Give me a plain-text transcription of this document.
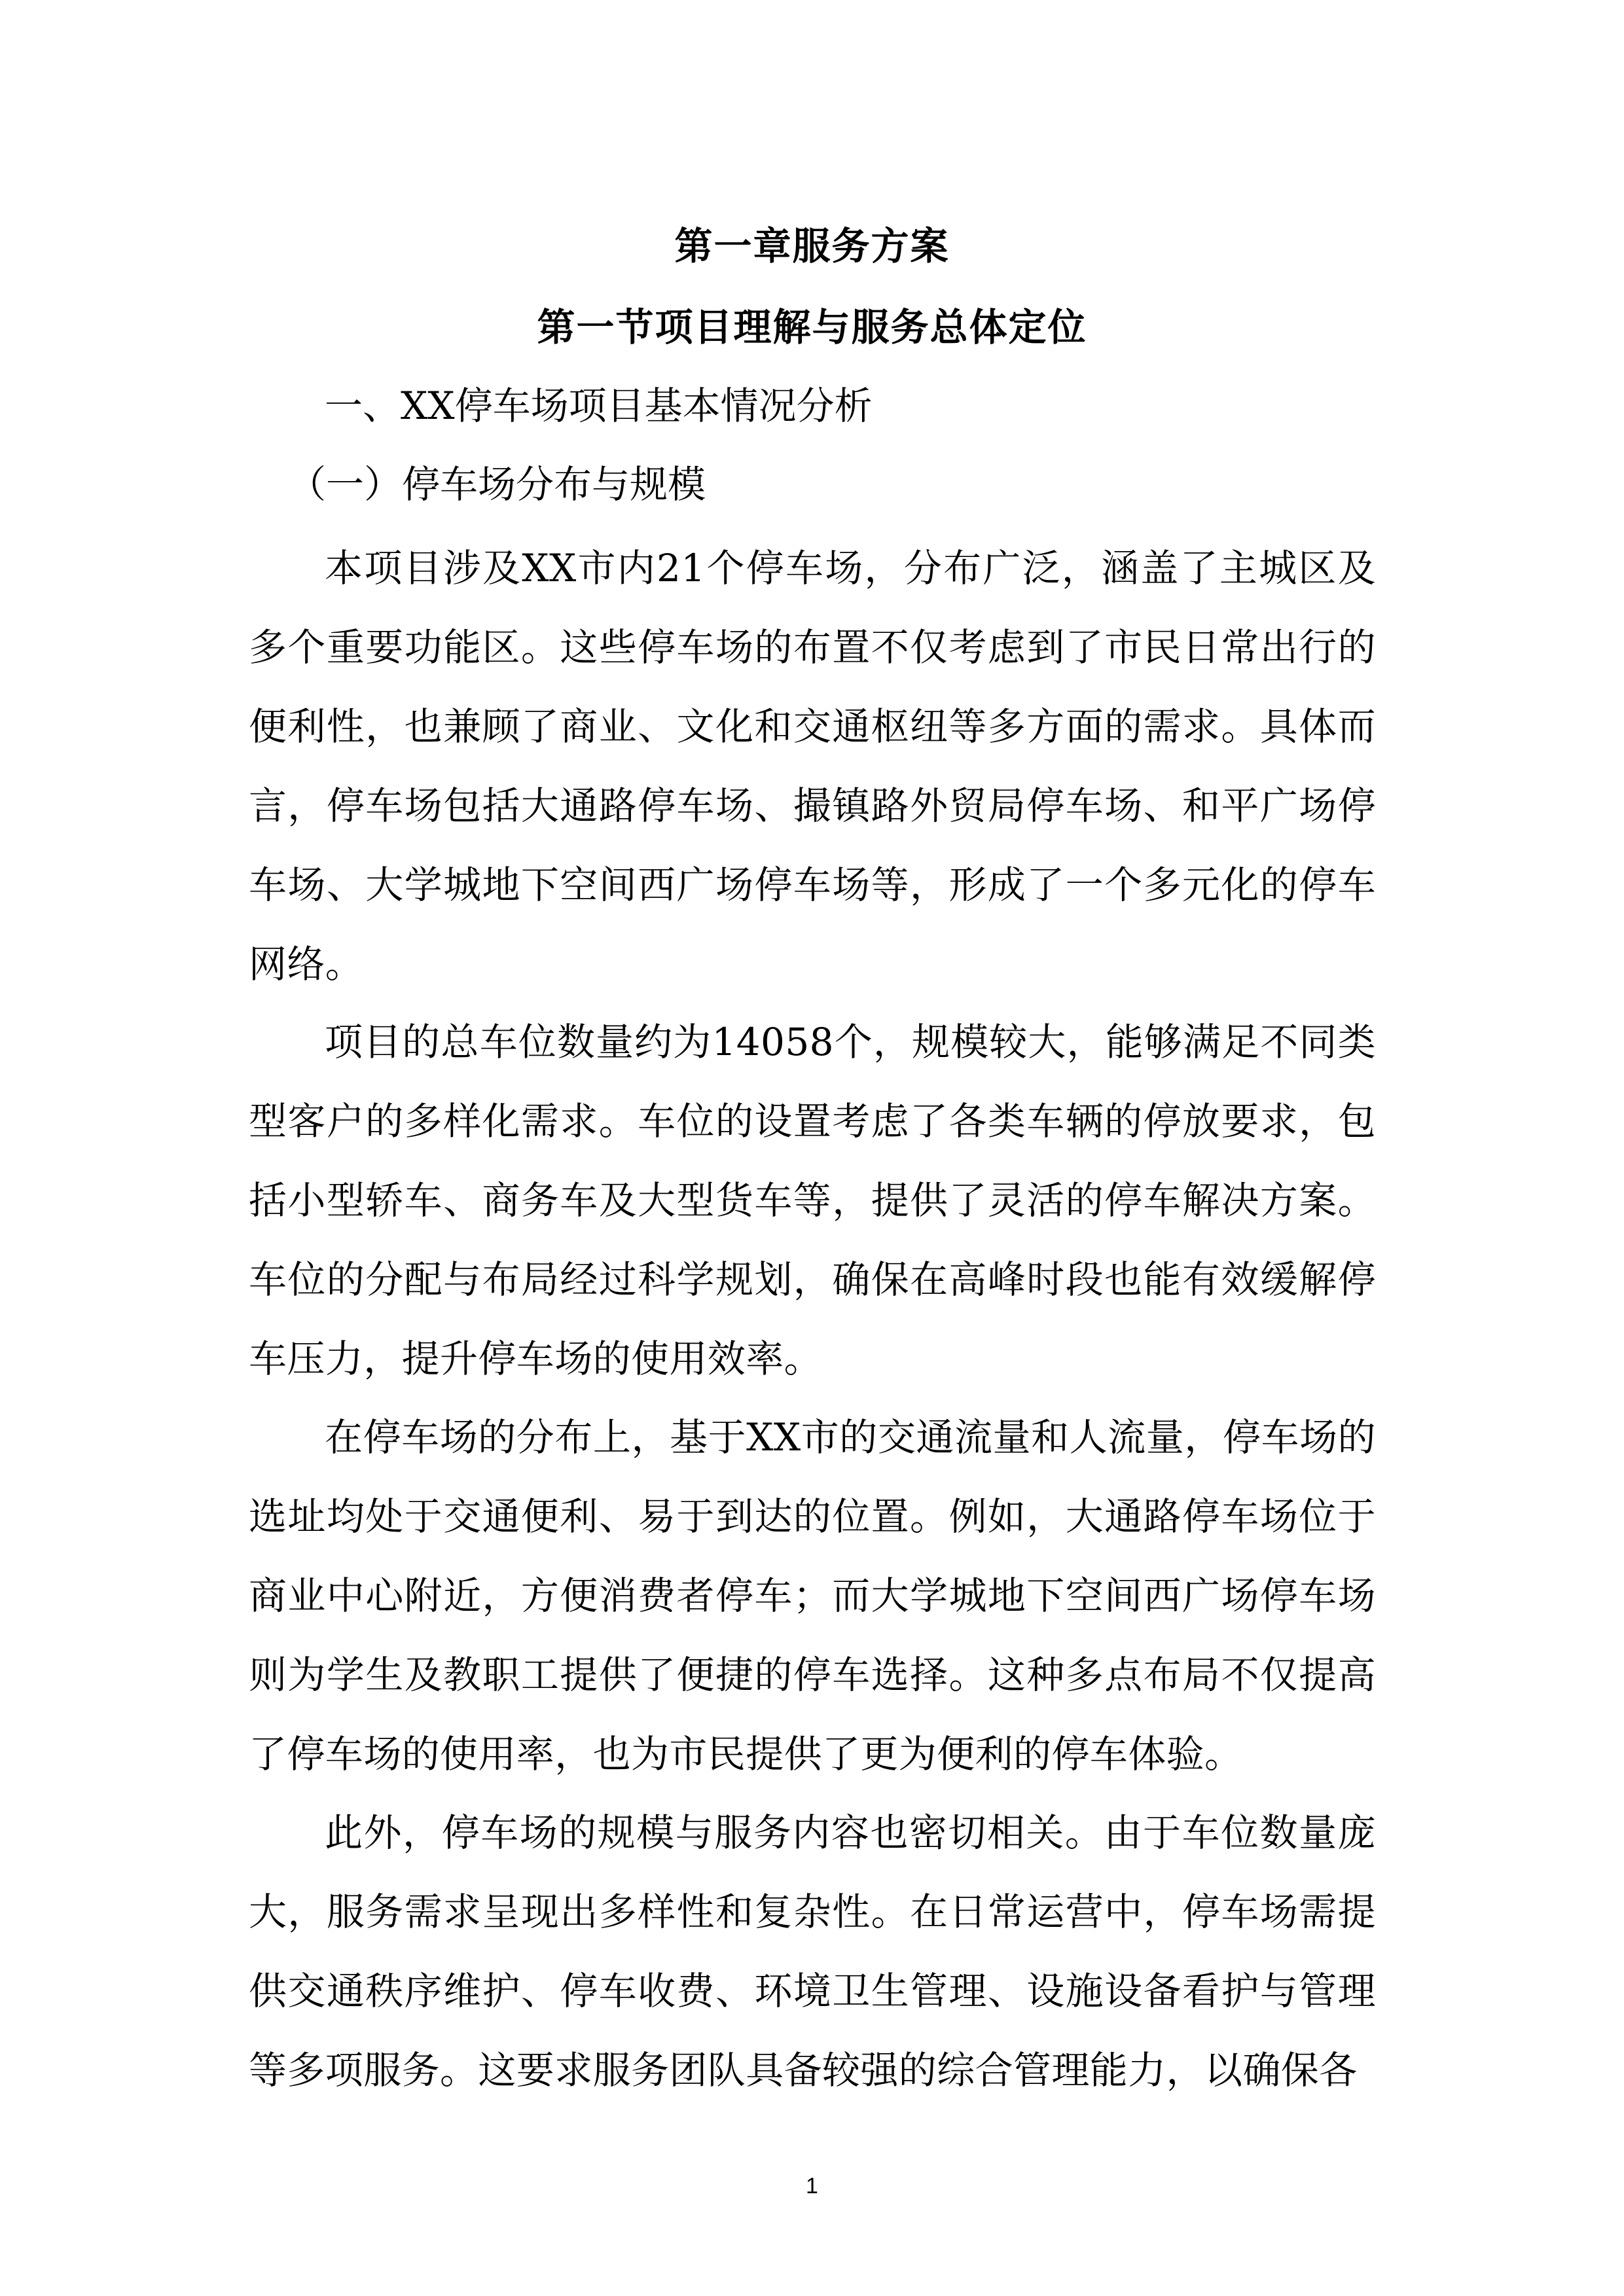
第一章服务方案
第一节项目理解与服务总体定位
一、XX停车场项目基本情况分析
（一）停车场分布与规模

本项目涉及XX市内21个停车场，分布广泛，涵盖了主城区及多个重要功能区。这些停车场的布置不仅考虑到了市民日常出行的便利性，也兼顾了商业、文化和交通枢纽等多方面的需求。具体而言，停车场包括大通路停车场、撮镇路外贸局停车场、和平广场停车场、大学城地下空间西广场停车场等，形成了一个多元化的停车网络。

项目的总车位数量约为14058个，规模较大，能够满足不同类型客户的多样化需求。车位的设置考虑了各类车辆的停放要求，包括小型轿车、商务车及大型货车等，提供了灵活的停车解决方案。车位的分配与布局经过科学规划，确保在高峰时段也能有效缓解停车压力，提升停车场的使用效率。

在停车场的分布上，基于XX市的交通流量和人流量，停车场的选址均处于交通便利、易于到达的位置。例如，大通路停车场位于商业中心附近，方便消费者停车；而大学城地下空间西广场停车场则为学生及教职工提供了便捷的停车选择。这种多点布局不仅提高了停车场的使用率，也为市民提供了更为便利的停车体验。

此外，停车场的规模与服务内容也密切相关。由于车位数量庞大，服务需求呈现出多样性和复杂性。在日常运营中，停车场需提供交通秩序维护、停车收费、环境卫生管理、设施设备看护与管理等多项服务。这要求服务团队具备较强的综合管理能力，以确保各

1
